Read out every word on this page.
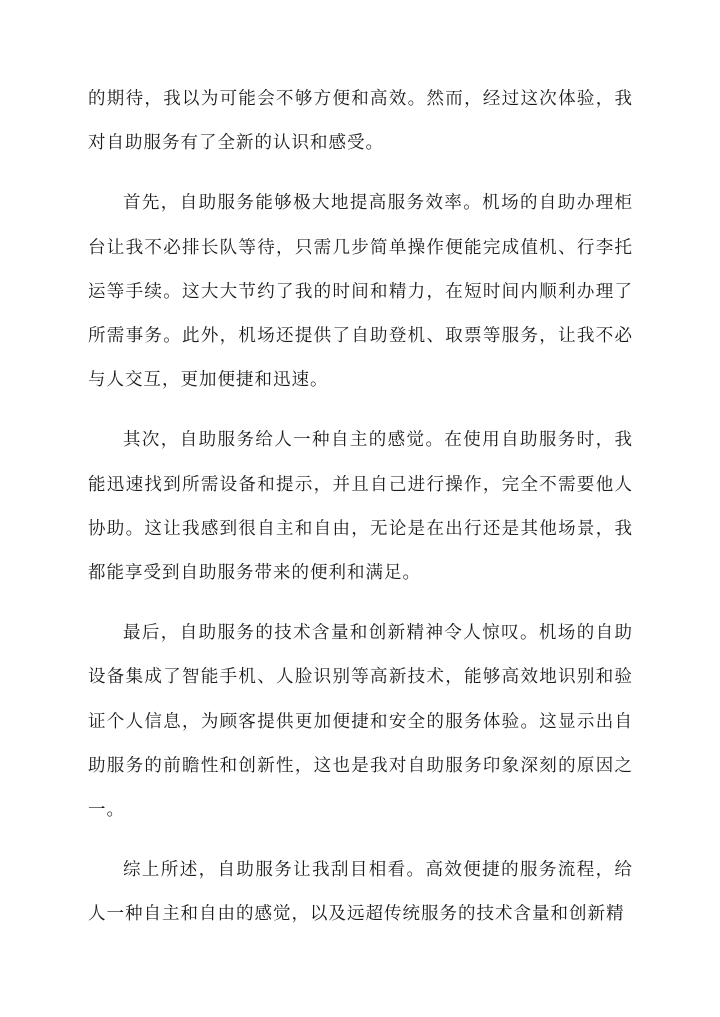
的期待，我以为可能会不够方便和高效。然而，经过这次体验，我对自助服务有了全新的认识和感受。

首先，自助服务能够极大地提高服务效率。机场的自助办理柜台让我不必排长队等待，只需几步简单操作便能完成值机、行李托运等手续。这大大节约了我的时间和精力，在短时间内顺利办理了所需事务。此外，机场还提供了自助登机、取票等服务，让我不必与人交互，更加便捷和迅速。

其次，自助服务给人一种自主的感觉。在使用自助服务时，我能迅速找到所需设备和提示，并且自己进行操作，完全不需要他人协助。这让我感到很自主和自由，无论是在出行还是其他场景，我都能享受到自助服务带来的便利和满足。

最后，自助服务的技术含量和创新精神令人惊叹。机场的自助设备集成了智能手机、人脸识别等高新技术，能够高效地识别和验证个人信息，为顾客提供更加便捷和安全的服务体验。这显示出自助服务的前瞻性和创新性，这也是我对自助服务印象深刻的原因之一。

综上所述，自助服务让我刮目相看。高效便捷的服务流程，给人一种自主和自由的感觉，以及远超传统服务的技术含量和创新精
